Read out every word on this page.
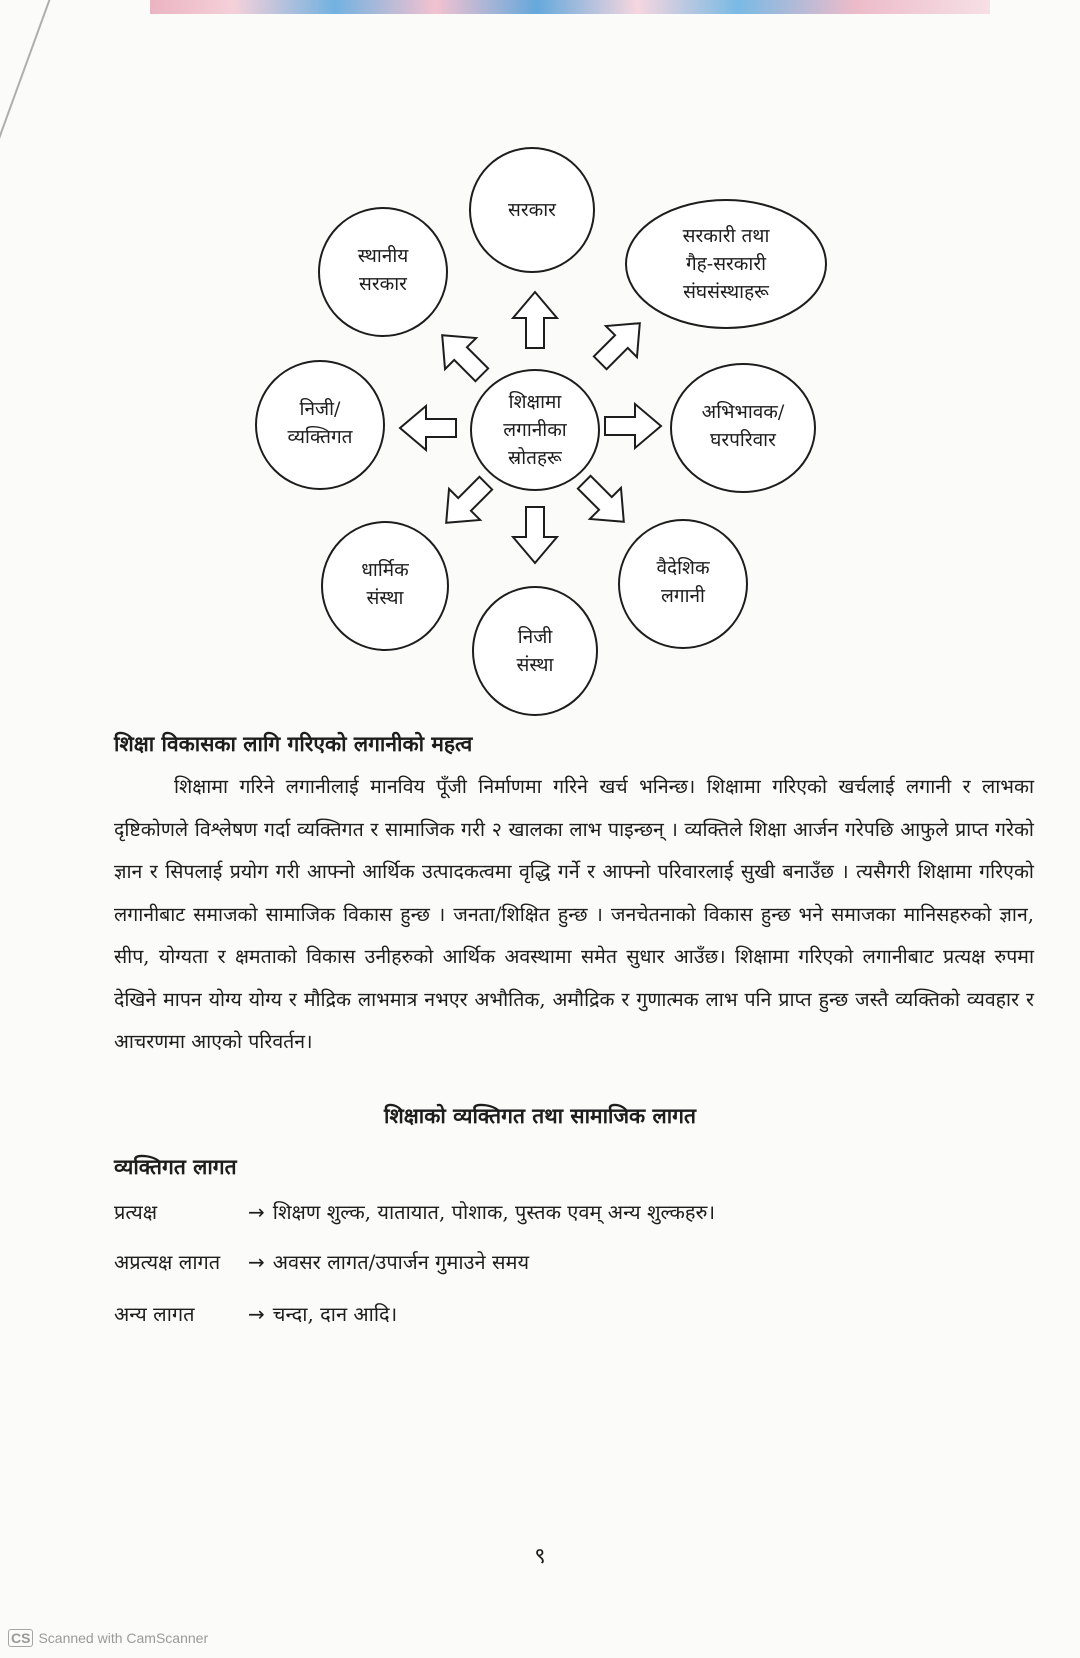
शिक्षामा
लगानीका
स्रोतहरू
सरकार
सरकारी तथा
गैह-सरकारी
संघसंस्थाहरू
अभिभावक/
घरपरिवार
वैदेशिक
लगानी
निजी
संस्था
धार्मिक
संस्था
निजी/
व्यक्तिगत
स्थानीय
सरकार
शिक्षा विकासका लागि गरिएको लगानीको महत्व

शिक्षामा गरिने लगानीलाई मानविय पूँजी निर्माणमा गरिने खर्च भनिन्छ। शिक्षामा गरिएको खर्चलाई लगानी र लाभका दृष्टिकोणले विश्लेषण गर्दा व्यक्तिगत र सामाजिक गरी २ खालका लाभ पाइन्छन् । व्यक्तिले शिक्षा आर्जन गरेपछि आफुले प्राप्त गरेको ज्ञान र सिपलाई प्रयोग गरी आफ्नो आर्थिक उत्पादकत्वमा वृद्धि गर्ने र आफ्नो परिवारलाई सुखी बनाउँछ । त्यसैगरी शिक्षामा गरिएको लगानीबाट समाजको सामाजिक विकास हुन्छ । जनता/शिक्षित हुन्छ । जनचेतनाको विकास हुन्छ भने समाजका मानिसहरुको ज्ञान, सीप, योग्यता र क्षमताको विकास उनीहरुको आर्थिक अवस्थामा समेत सुधार आउँछ। शिक्षामा गरिएको लगानीबाट प्रत्यक्ष रुपमा देखिने मापन योग्य योग्य र मौद्रिक लाभमात्र नभएर अभौतिक, अमौद्रिक र गुणात्मक लाभ पनि प्राप्त हुन्छ जस्तै व्यक्तिको व्यवहार र आचरणमा आएको परिवर्तन।

शिक्षाको व्यक्तिगत तथा सामाजिक लागत
व्यक्तिगत लागत
प्रत्यक्ष	→ शिक्षण शुल्क, यातायात, पोशाक, पुस्तक एवम् अन्य शुल्कहरु।
अप्रत्यक्ष लागत → अवसर लागत/उपार्जन गुमाउने समय
अन्य लागत	→ चन्दा, दान आदि।
९
CS Scanned with CamScanner
